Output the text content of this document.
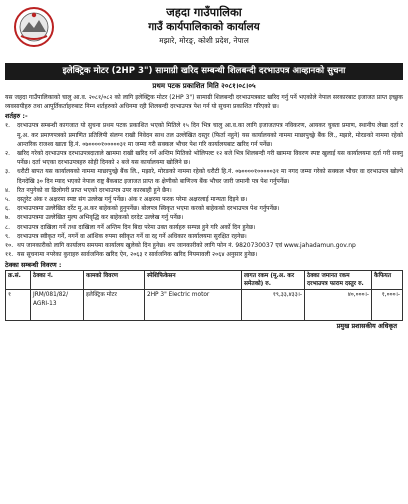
जहदा गाउँपालिका
गाउँ कार्यपालिकाको कार्यालय
मझारे, मोरङ्, कोशी प्रदेश, नेपाल
इलेक्ट्रिक मोटर (2HP 3") सामाग्री खरिद सम्बन्धी शिलबन्दी दरभाउपत्र आव्हानको सुचना
प्रथम पटक प्रकाशित मिति २०८१।०८।०५
यस जहदा गाउँपालिकाको चालु आ.व. २०८१/०८२ को लागि इलेक्ट्रिक मोटर (2HP 3") सामाग्री शिलबन्दी दरभाउपत्रबाट खरिद गर्नु पर्ने भएकोले नेपाल सरकारबाट इजाजत प्राप्त इच्छुक व्यवसायीहरु तथा आपूर्तिकर्ताहरुबाट निम्न शर्तहरुको अधिनमा रही शिलबन्दी दरभाउपत्र पेश गर्न यो सुचना प्रकाशित गरिएको छ।
शर्तहरु :-
१. दरभाउपत्र सम्बन्धी कागजात यो सुचना प्रथम पटक प्रकाशित भएको मितिले १५ दिन भित्र चालु आ.व.का लागि इजाजतपत्र नविकरण, आयकर चुक्ता प्रमाण, स्थानीय लेखा दर्ता र मू.अ. कर प्रमाणपत्रको प्रमाणित प्रतिलिपी संलग्न राखी निवेदन साथ तल उल्लेखित दस्तुर (फिर्ता नहुने) यस कार्यालयको नाममा माछापुच्छ्रे बैंक लि., मझारे, मोरङको नाममा रहेको आन्तरिक राजश्व खाता हि.नं. ०७००००१०००००३१ मा जम्मा गरी सक्कल भौचर पेश गरि कार्यालयबाट खरिद गर्न पर्नेछ।
२. खरिद गरेको दरभाउपत्र दरभाउपत्रदाताले खाममा राखी खरिद गर्ने अन्तिम मितिको भोलिपल्ट १२ बजे भित्र शिलबन्दी गरी खाममा विवरण स्पष्ट खुलाई यस कार्यालयमा दर्ता गरी सक्नु पर्नेछ। दर्ता भएका दरभाउपत्रहरु सोही दिनको २ बजे यस कार्यालयमा खोलिने छ।
३. धरौटी बापत यस कार्यालयको नाममा माछापुच्छ्रे बैंक लि., मझारे, मोरङको नाममा रहेको धरौटी हि.नं. ०७००००१०००००३१ मा नगद जम्मा गरेको सक्कल भौचर वा दरभाउपत्र खोल्ने दिनदेखि ३० दिन म्याद भएको नेपाल राष्ट्र बैंकबाट इजाजत प्राप्त क क्षेणीको बाणिज्य बैंक भौचर जारी जमानी पत्र पेश गर्नुपर्नेछ।
४. रित नपुगेको वा ढिलोगरी प्राप्त भएको दरभाउपत्र उपर कारबाही हुने छैन।
५. दस्तुरेट अंक र अक्षरमा स्पष्ट संग उल्लेख गर्नु पर्नेछ। अंक र अक्षरमा फरक परेमा अक्षरलाई मान्यता दिइने छ।
६. दरभाउपत्रमा उल्लेखित दर्रेट मु.अ.कर बाहेकको हुनुपर्नेछ। बोलपत्र स्विकृत भएमा करको बाहेकको दरभाउपत्र पेश गर्नुपर्नेछ।
७. दरभाउपत्रमा उल्लेखित मुल्य अभिवृद्धि कर बाहेकको दरदेट उल्लेख गर्नु पर्नेछ।
८. दरभाउपत्र दाखिला गर्ने तथा दाखिला गर्ने अन्तिम दिन बिदा परेमा उक्त कार्यहरु सम्पन्न हुने गरि अर्को दिन हुनेछ।
९. दरभाउपत्र स्वीकृत गर्ने, नगर्ने वा आंशिक रुपमा स्वीकृत गर्ने वा रद्द गर्ने अधिकार कार्यालयमा सुरक्षित रहनेछ।
१०. थप जानकारीको लागि कार्यालय समयमा कार्यालय खुलेको दिन हुनेछ। थप जानकारीको लागि फोन नं. 9820730037 एवं www.jahadamun.gov.np
११. यस सूचनामा नपरेका कुराहरु सार्वजनिक खरिद ऐन, २०६३ र सार्वजनिक खरिद नियमावली २०६४ अनुसार हुनेछ।
ठेक्का सम्बन्धी विवरण :
क्र.सं.	ठेक्का नं.	कामको विवरण	स्पेशिफिकेसन	लागत रकम (मू.अ. कर समेतको) रु.	ठेक्का जमानत रकम दरभाउपत्र फाराम दस्तुर रु.	कैफियत
१	JRM/081/82/ AGRI-13	इलेक्ट्रिक मोटर	2HP 3" Electric motor	१९,३३,४३३।-	४०,०००।-	१,०००।-
प्रमुख प्रशासकीय अधिकृत
